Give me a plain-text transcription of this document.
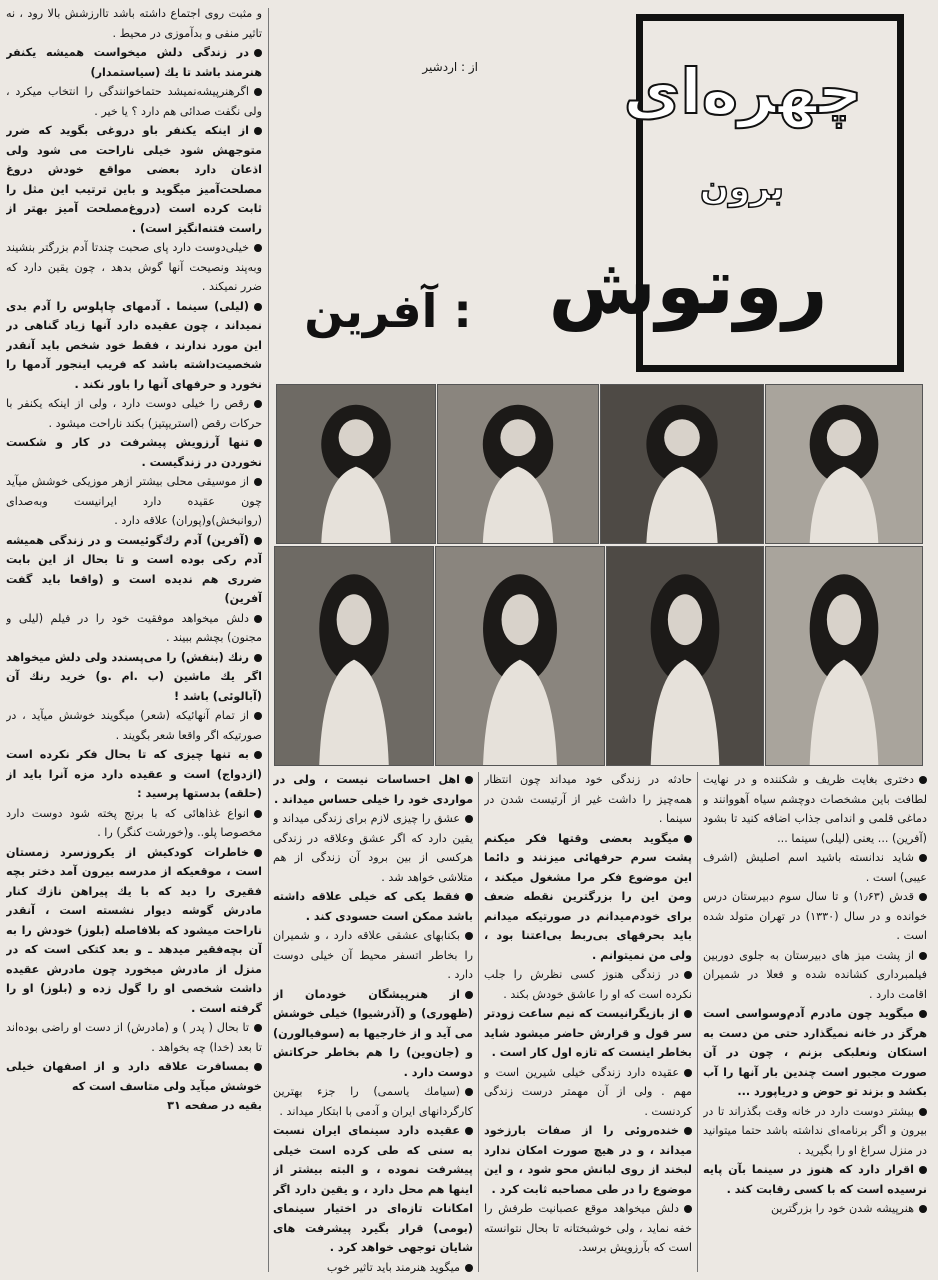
و مثبت روی اجتماع داشته باشد تاارزشش بالا رود ، نه تاثیر منفی و بدآموزی در محیط .

در زندگی دلش میخواست همیشه یکنفر هنرمند باشد تا یك (سیاستمدار)

اگرهنرپیشه‌نمیشد حتماخوانندگی را انتخاب میکرد ، ولی نگفت صدائی هم دارد ؟ یا خیر .

از اینکه یکنفر باو دروغی بگوید که ضرر متوجهش شود خیلی ناراحت می شود ولی اذعان دارد بعضی مواقع خودش دروغ مصلحت‌آمیز میگوید و باین ترتیب این مثل را ثابت کرده است (دروغ‌مصلحت آمیز بهتر از راست فتنه‌انگیز است) .

خیلی‌دوست دارد پای صحبت چندتا آدم بزرگتر بنشیند وبه‌پند ونصیحت آنها گوش بدهد ، چون یقین دارد که ضرر نمیکند .

(لیلی) سینما . آدمهای چاپلوس را آدم بدی نمیداند ، چون عقیده دارد آنها زیاد گناهی در این مورد ندارند ، فقط خود شخص باید آنقدر شخصیت‌داشته باشد که فریب اینجور آدمها را نخورد و حرفهای آنها را باور نکند .

رقص را خیلی دوست دارد ، ولی از اینکه یکنفر با حرکات رقص (استریپتیز) بکند ناراحت میشود .

تنها آرزویش پیشرفت در کار و شکست نخوردن در زندگیست .

از موسیقی محلی بیشتر ازهر موزیکی خوشش میآید چون عقیده دارد ایرانیست وبه‌صدای (روانبخش)و(پوران) علاقه دارد .

(آفرین) آدم رك‌گوئیست و در زندگی همیشه آدم رکی بوده است و تا بحال از این بابت ضرری هم ندیده است و (واقعا باید گفت آفرین)

دلش میخواهد موفقیت خود را در فیلم (لیلی و مجنون) بچشم ببیند .

رنك (بنفش) را می‌پسندد ولی دلش میخواهد اگر یك ماشین (ب .ام .و) خرید رنك آن (آبالوئی) باشد !

از تمام آنهائیکه (شعر) میگویند خوشش میآید ، در صورتیکه اگر واقعا شعر بگویند .

به تنها چیزی که تا بحال فکر نکرده است (ازدواج) است و عقیده دارد مزه آنرا باید از (حلقه) بدستها پرسید :

انواع غذاهائی که با برنج پخته شود دوست دارد مخصوصا پلو.. و(خورشت کنگر) را .

خاطرات کودکیش از یکروزسرد زمستان است ، موقعیکه از مدرسه بیرون آمد دختر بچه فقیری را دید که با یك پیراهن نازك کنار مادرش گوشه دیوار نشسته است ، آنقدر ناراحت میشود که بلافاصله (بلوز) خودش را به آن بچه‌فقیر میدهد ـ و بعد کتکی است که در منزل از مادرش میخورد چون مادرش عقیده داشت شخصی او را گول زده و (بلوز) او را گرفته است .

تا بحال ( پدر ) و (مادرش) از دست او راضی بوده‌اند تا بعد (خدا) چه بخواهد .

بمسافرت علاقه دارد و از اصفهان خیلی خوشش میآید ولی متاسف است که

بقیه در صفحه ۳۱

چهره‌ای
برون
روتوش
: آفرین
از : اردشیر

اهل احساسات نیست ، ولی در مواردی خود را خیلی حساس میداند .

عشق را چیزی لازم برای زندگی میداند و یقین دارد که اگر عشق وعلاقه در زندگی هرکسی از بین برود آن زندگی از هم متلاشی خواهد شد .

فقط یکی که خیلی علاقه داشته باشد ممکن است حسودی کند .

بکنابهای عشقی علاقه دارد ، و شمیران را بخاطر اتسفر محیط آن خیلی دوست دارد .

از هنرپیشگان خودمان از (ظهوری) و (آذرشیوا) خیلی خوشش می آید و از خارجیها به (سوفیالورن) و (جان‌وین) را هم بخاطر حرکاتش دوست دارد .

(سیامك یاسمی) را جزء بهترین کارگردانهای ایران و آدمی با ابتکار میداند .

عقیده دارد سینمای ایران نسبت به سنی که طی کرده است خیلی پیشرفت نموده ، و البته بیشتر از اینها هم محل دارد ، و یقین دارد اگر امکانات تازه‌ای در اختیار سینمای (بومی) قرار بگیرد پیشرفت های شایان توجهی خواهد کرد .

میگوید هنرمند باید تاثیر خوب

حادثه در زندگی خود میداند چون انتظار همه‌چیز را داشت غیر از آرتیست شدن در سینما .

میگوید بعضی وقتها فکر میکنم پشت سرم حرفهائی میزنند و دائما این موضوع فکر مرا مشغول میکند ، ومن این را بزرگترین نقطه ضعف برای خودم‌میدانم در صورتیکه میدانم باید بحرفهای بی‌ربط بی‌اعتنا بود ، ولی من نمیتوانم .

در زندگی هنوز کسی نظرش را جلب نکرده است که او را عاشق خودش بکند .

از بازیگرانیست که نیم ساعت زودتر سر قول و قرارش حاضر میشود شاید بخاطر اینست که تازه اول کار است .

عقیده دارد زندگی خیلی شیرین است و مهم . ولی از آن مهمتر درست زندگی کردنست .

خنده‌روئی را از صفات بارزخود میداند ، و در هیچ صورت امکان ندارد لبخند از روی لبانش محو شود ، و این موضوع را در طی مصاحبه ثابت کرد .

دلش میخواهد موقع عصبانیت طرفش را خفه نماید ، ولی خوشبختانه تا بحال نتوانسته است که بآرزویش برسد.

دختری بغایت ظریف و شکننده و در نهایت لطافت باین مشخصات دوچشم سیاه آهووانند و دماغی قلمی و اندامی جذاب اضافه کنید تا بشود (آفرین) ... یعنی (لیلی) سینما ...

شاید ندانسته باشید اسم اصلیش (اشرف عیبی) است .

قدش (۱٫۶۳) و تا سال سوم دبیرستان درس خوانده و در سال (۱۳۳۰) در تهران متولد شده است .

از پشت میز های دبیرستان به جلوی دوربین فیلمبرداری کشانده شده و فعلا در شمیران اقامت دارد .

میگوید چون مادرم آدم‌وسواسی است هرگز در خانه نمیگذارد حتی من دست به استکان ونعلبکی بزنم ، چون در آن صورت مجبور است چندین بار آنها را آب بکشد و بزند تو حوض و دریاپورد ...

بیشتر دوست دارد در خانه وقت بگذراند تا در بیرون و اگر برنامه‌ای نداشته باشد حتما میتوانید در منزل سراغ او را بگیرید .

اقرار دارد که هنوز در سینما بآن پایه نرسیده است که با کسی رقابت کند .

هنرپیشه شدن خود را بزرگترین
